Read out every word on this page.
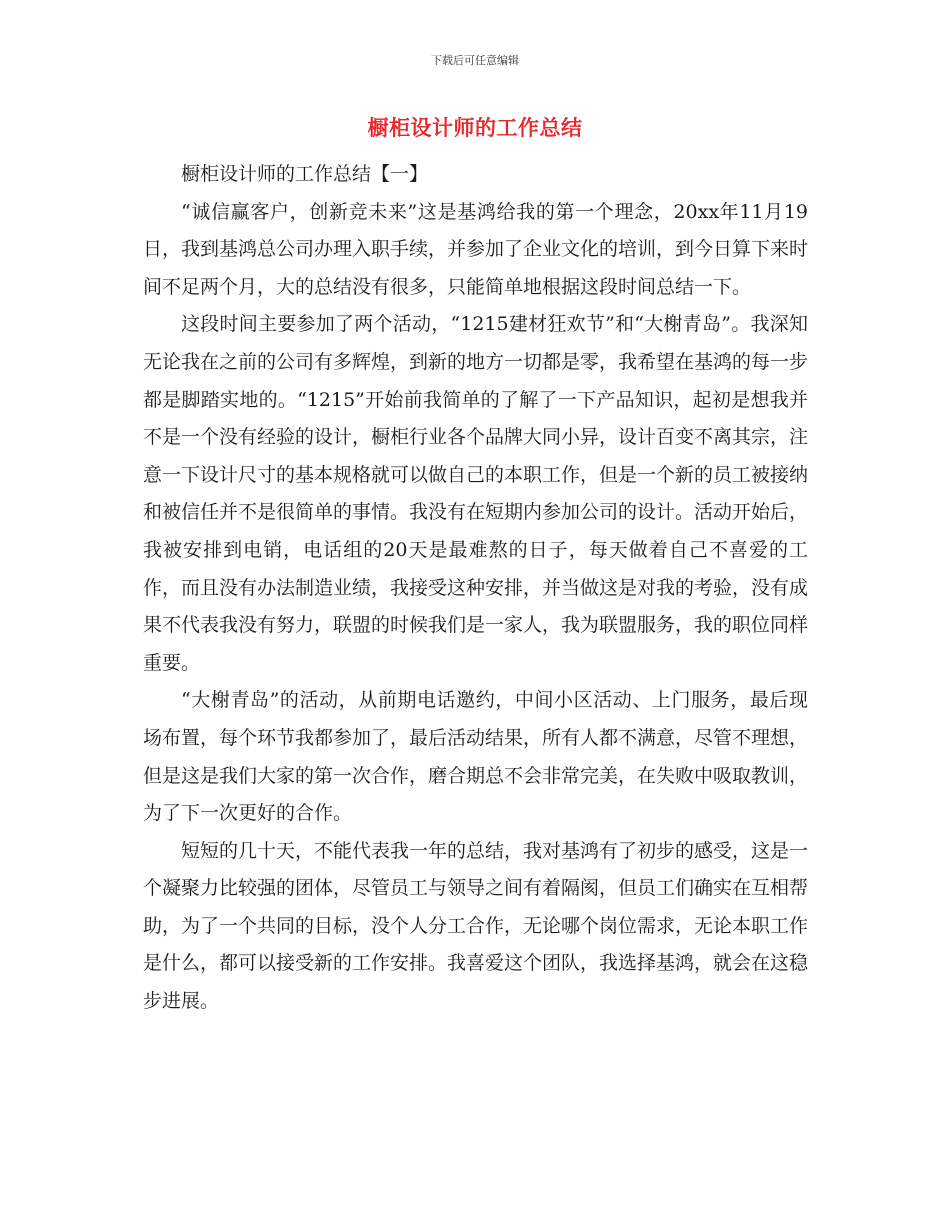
下载后可任意编辑
橱柜设计师的工作总结

橱柜设计师的工作总结【一】

“诚信赢客户，创新竞未来”这是基鸿给我的第一个理念，20xx年11月19日，我到基鸿总公司办理入职手续，并参加了企业文化的培训，到今日算下来时间不足两个月，大的总结没有很多，只能简单地根据这段时间总结一下。

这段时间主要参加了两个活动，“1215建材狂欢节”和“大榭青岛”。我深知无论我在之前的公司有多辉煌，到新的地方一切都是零，我希望在基鸿的每一步都是脚踏实地的。“1215”开始前我简单的了解了一下产品知识，起初是想我并不是一个没有经验的设计，橱柜行业各个品牌大同小异，设计百变不离其宗，注意一下设计尺寸的基本规格就可以做自己的本职工作，但是一个新的员工被接纳和被信任并不是很简单的事情。我没有在短期内参加公司的设计。活动开始后，我被安排到电销，电话组的20天是最难熬的日子，每天做着自己不喜爱的工作，而且没有办法制造业绩，我接受这种安排，并当做这是对我的考验，没有成果不代表我没有努力，联盟的时候我们是一家人，我为联盟服务，我的职位同样重要。

“大榭青岛”的活动，从前期电话邀约，中间小区活动、上门服务，最后现场布置，每个环节我都参加了，最后活动结果，所有人都不满意，尽管不理想，但是这是我们大家的第一次合作，磨合期总不会非常完美，在失败中吸取教训，为了下一次更好的合作。

短短的几十天，不能代表我一年的总结，我对基鸿有了初步的感受，这是一个凝聚力比较强的团体，尽管员工与领导之间有着隔阂，但员工们确实在互相帮助，为了一个共同的目标，没个人分工合作，无论哪个岗位需求，无论本职工作是什么，都可以接受新的工作安排。我喜爱这个团队，我选择基鸿，就会在这稳步进展。
